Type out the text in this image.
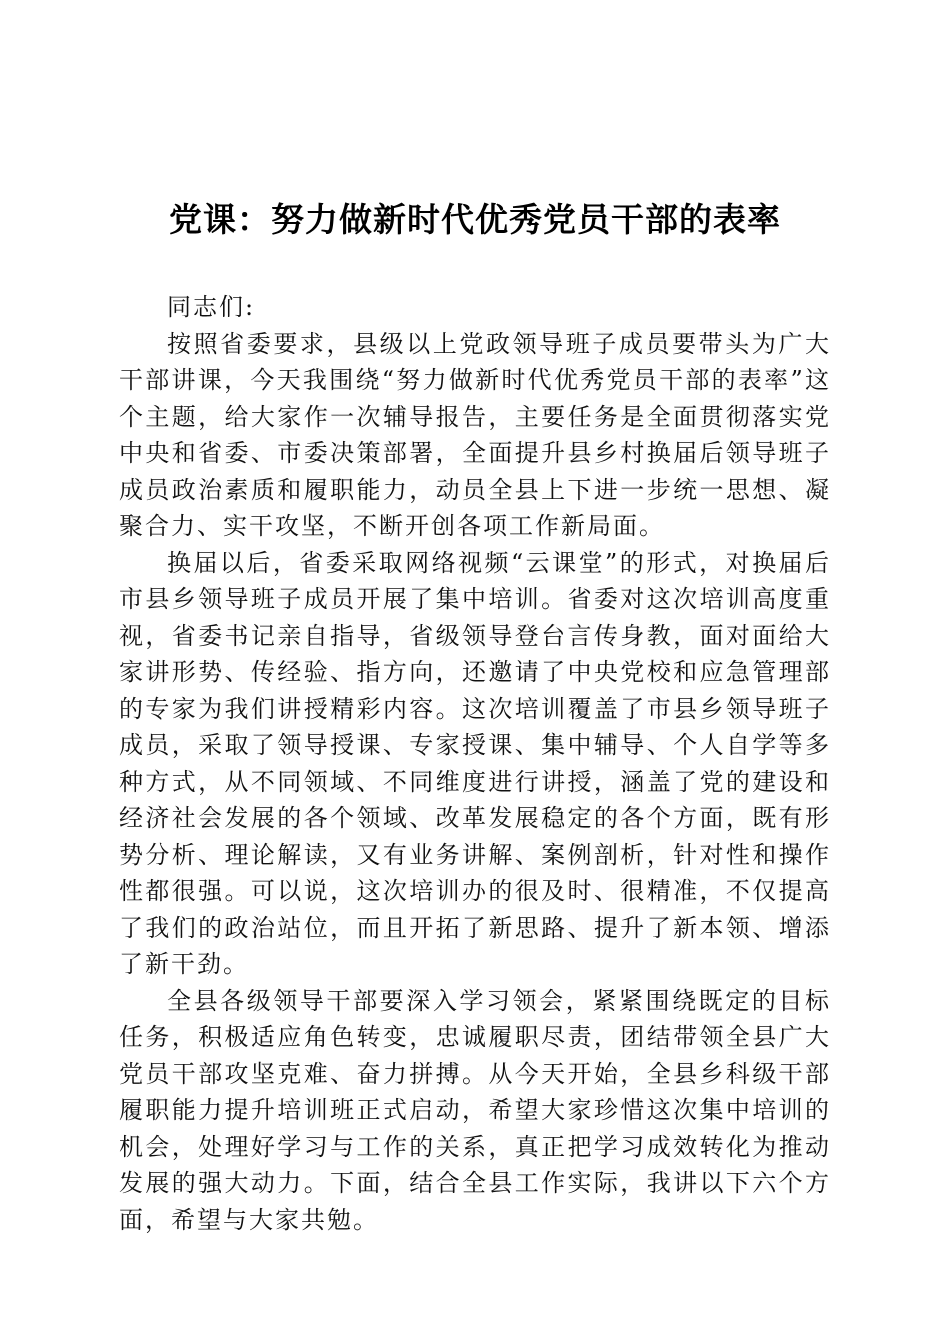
党课：努力做新时代优秀党员干部的表率

同志们:

按照省委要求，县级以上党政领导班子成员要带头为广大干部讲课，今天我围绕“努力做新时代优秀党员干部的表率”这个主题，给大家作一次辅导报告，主要任务是全面贯彻落实党中央和省委、市委决策部署，全面提升县乡村换届后领导班子成员政治素质和履职能力，动员全县上下进一步统一思想、凝聚合力、实干攻坚，不断开创各项工作新局面。

换届以后，省委采取网络视频“云课堂”的形式，对换届后市县乡领导班子成员开展了集中培训。省委对这次培训高度重视，省委书记亲自指导，省级领导登台言传身教，面对面给大家讲形势、传经验、指方向，还邀请了中央党校和应急管理部的专家为我们讲授精彩内容。这次培训覆盖了市县乡领导班子成员，采取了领导授课、专家授课、集中辅导、个人自学等多种方式，从不同领域、不同维度进行讲授，涵盖了党的建设和经济社会发展的各个领域、改革发展稳定的各个方面，既有形势分析、理论解读，又有业务讲解、案例剖析，针对性和操作性都很强。可以说，这次培训办的很及时、很精准，不仅提高了我们的政治站位，而且开拓了新思路、提升了新本领、增添了新干劲。

全县各级领导干部要深入学习领会，紧紧围绕既定的目标任务，积极适应角色转变，忠诚履职尽责，团结带领全县广大党员干部攻坚克难、奋力拼搏。从今天开始，全县乡科级干部履职能力提升培训班正式启动，希望大家珍惜这次集中培训的机会，处理好学习与工作的关系，真正把学习成效转化为推动发展的强大动力。下面，结合全县工作实际，我讲以下六个方面，希望与大家共勉。
